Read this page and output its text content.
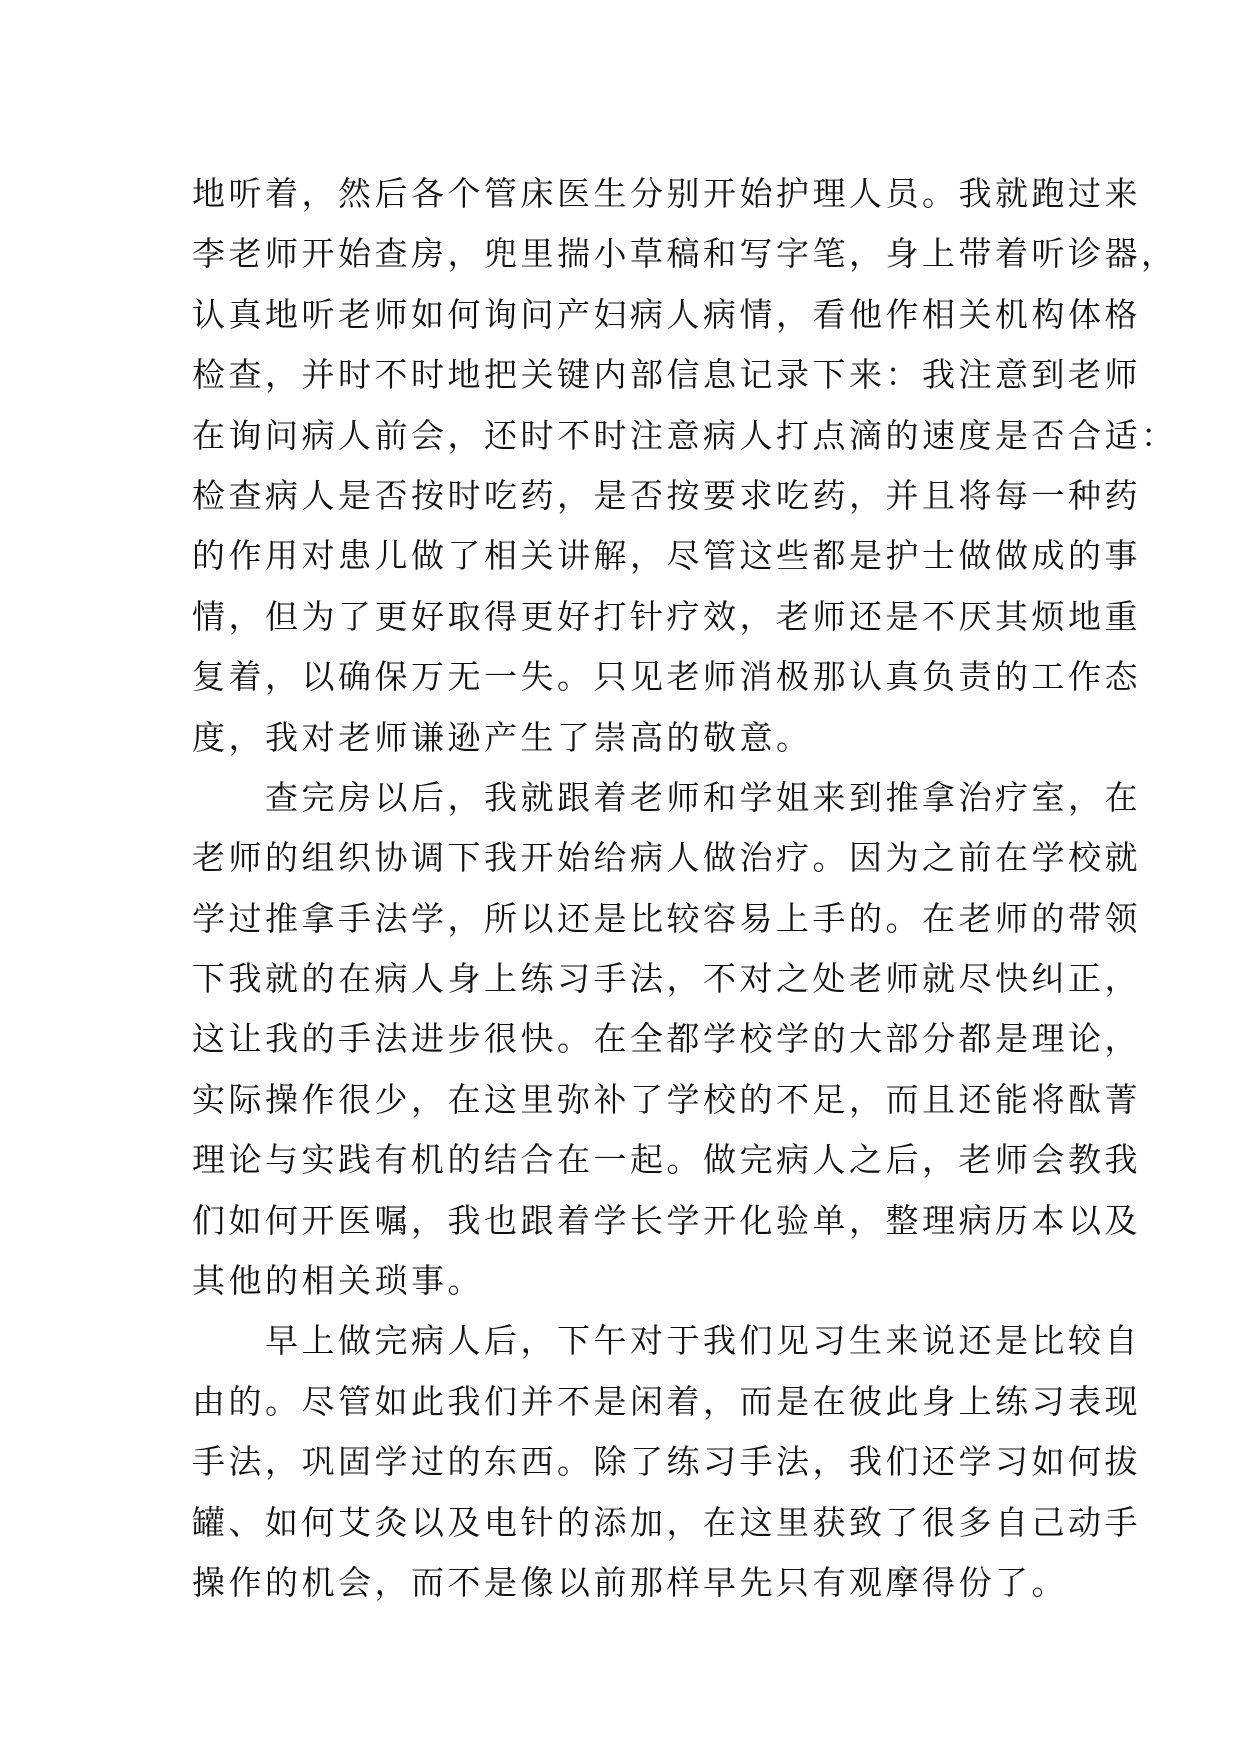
地听着，然后各个管床医生分别开始护理人员。我就跑过来
李老师开始查房，兜里揣小草稿和写字笔，身上带着听诊器，
认真地听老师如何询问产妇病人病情，看他作相关机构体格
检查，并时不时地把关键内部信息记录下来：我注意到老师
在询问病人前会，还时不时注意病人打点滴的速度是否合适：
检查病人是否按时吃药，是否按要求吃药，并且将每一种药
的作用对患儿做了相关讲解，尽管这些都是护士做做成的事
情，但为了更好取得更好打针疗效，老师还是不厌其烦地重
复着，以确保万无一失。只见老师消极那认真负责的工作态
度，我对老师谦逊产生了崇高的敬意。
　　查完房以后，我就跟着老师和学姐来到推拿治疗室，在
老师的组织协调下我开始给病人做治疗。因为之前在学校就
学过推拿手法学，所以还是比较容易上手的。在老师的带领
下我就的在病人身上练习手法，不对之处老师就尽快纠正，
这让我的手法进步很快。在全都学校学的大部分都是理论，
实际操作很少，在这里弥补了学校的不足，而且还能将酞菁
理论与实践有机的结合在一起。做完病人之后，老师会教我
们如何开医嘱，我也跟着学长学开化验单，整理病历本以及
其他的相关琐事。
　　早上做完病人后，下午对于我们见习生来说还是比较自
由的。尽管如此我们并不是闲着，而是在彼此身上练习表现
手法，巩固学过的东西。除了练习手法，我们还学习如何拔
罐、如何艾灸以及电针的添加，在这里获致了很多自己动手
操作的机会，而不是像以前那样早先只有观摩得份了。
